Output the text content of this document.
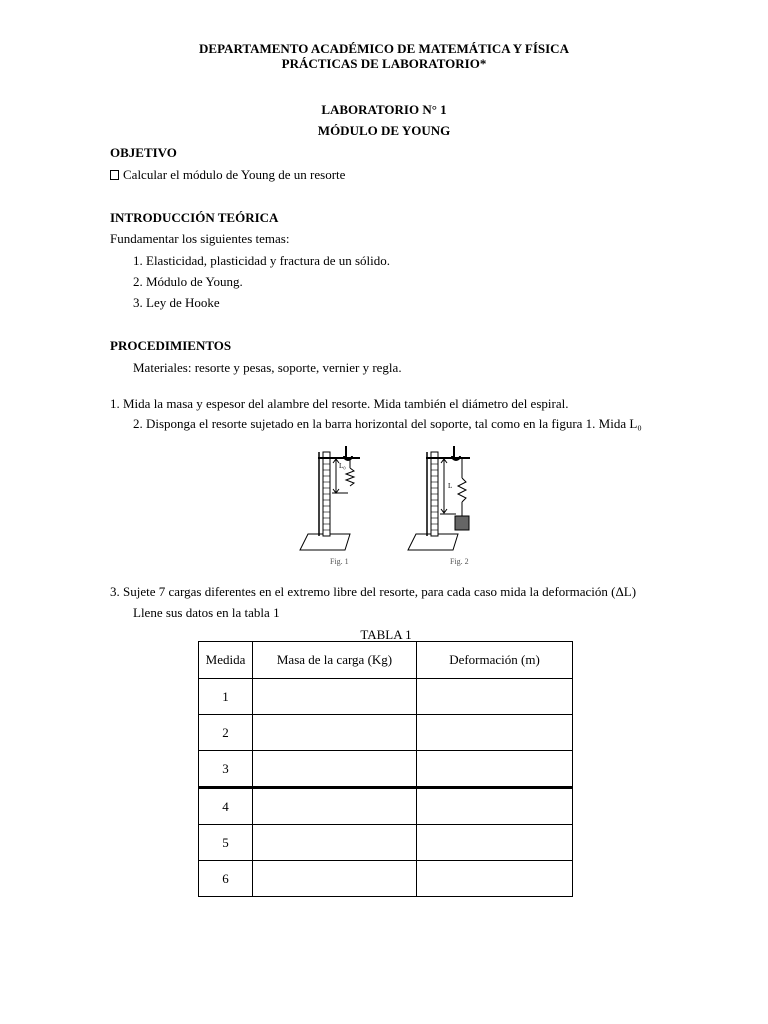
DEPARTAMENTO ACADÉMICO DE MATEMÁTICA Y FÍSICA
PRÁCTICAS DE LABORATORIO*
LABORATORIO N° 1
MÓDULO DE YOUNG
OBJETIVO
Calcular el módulo de Young de un resorte
INTRODUCCIÓN TEÓRICA
Fundamentar los siguientes temas:
1. Elasticidad, plasticidad y fractura de un sólido.
2. Módulo de Young.
3. Ley de Hooke
PROCEDIMIENTOS
Materiales: resorte y pesas, soporte, vernier y regla.
1. Mida la masa y espesor del alambre del resorte. Mida también el diámetro del espiral.
2. Disponga el resorte sujetado en la barra horizontal del soporte, tal como en la figura 1. Mida L₀
L₀
L
Fig. 1	Fig. 2
3. Sujete 7 cargas diferentes en el extremo libre del resorte, para cada caso mida la deformación (ΔL)
Llene sus datos en la tabla 1
TABLA 1
Medida	Masa de la carga (Kg)	Deformación (m)
1		
2		
3		
4		
5		
6		
